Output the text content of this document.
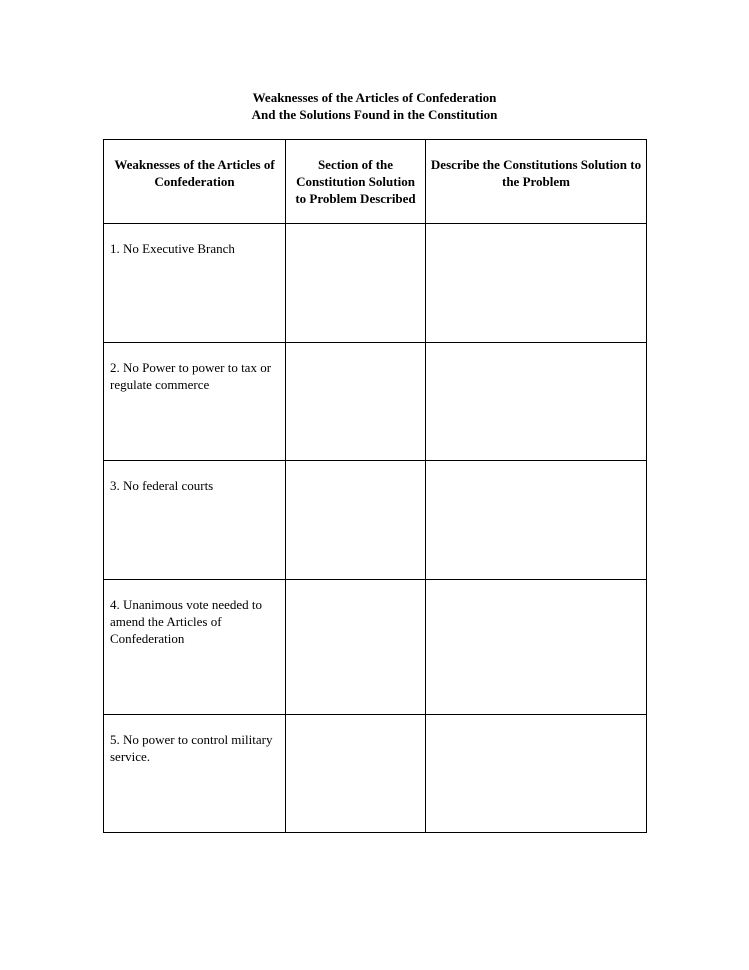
Weaknesses of the Articles of Confederation
And the Solutions Found in the Constitution
Weaknesses of the Articles of Confederation	Section of the Constitution Solution to Problem Described	Describe the Constitutions Solution to the Problem

1. No Executive Branch		

2. No Power to power to tax or regulate commerce		

3. No federal courts		

4. Unanimous vote needed to amend the Articles of Confederation		

5. No power to control military service.		
